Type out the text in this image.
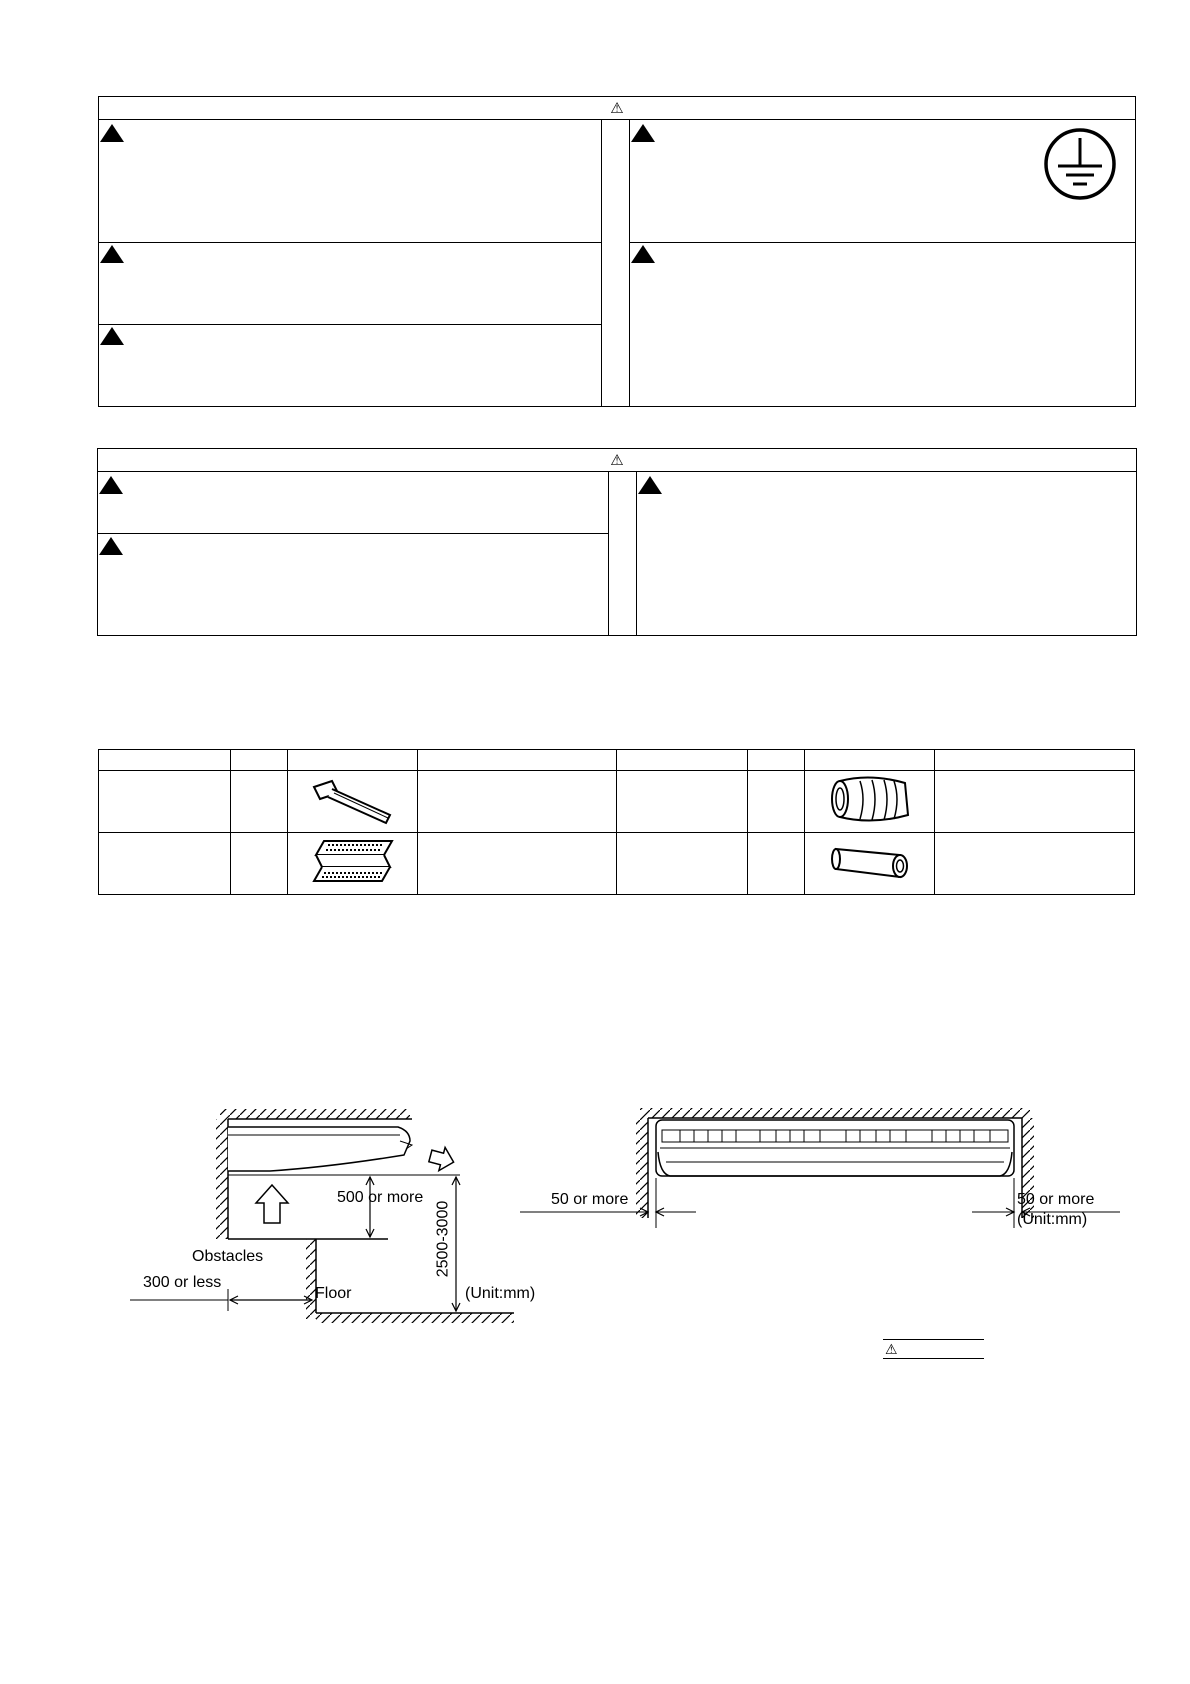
⚠
⚠

500 or more
Obstacles
300 or less
Floor	(Unit:mm)
2500-3000
50 or more	50 or more
(Unit:mm)
⚠
